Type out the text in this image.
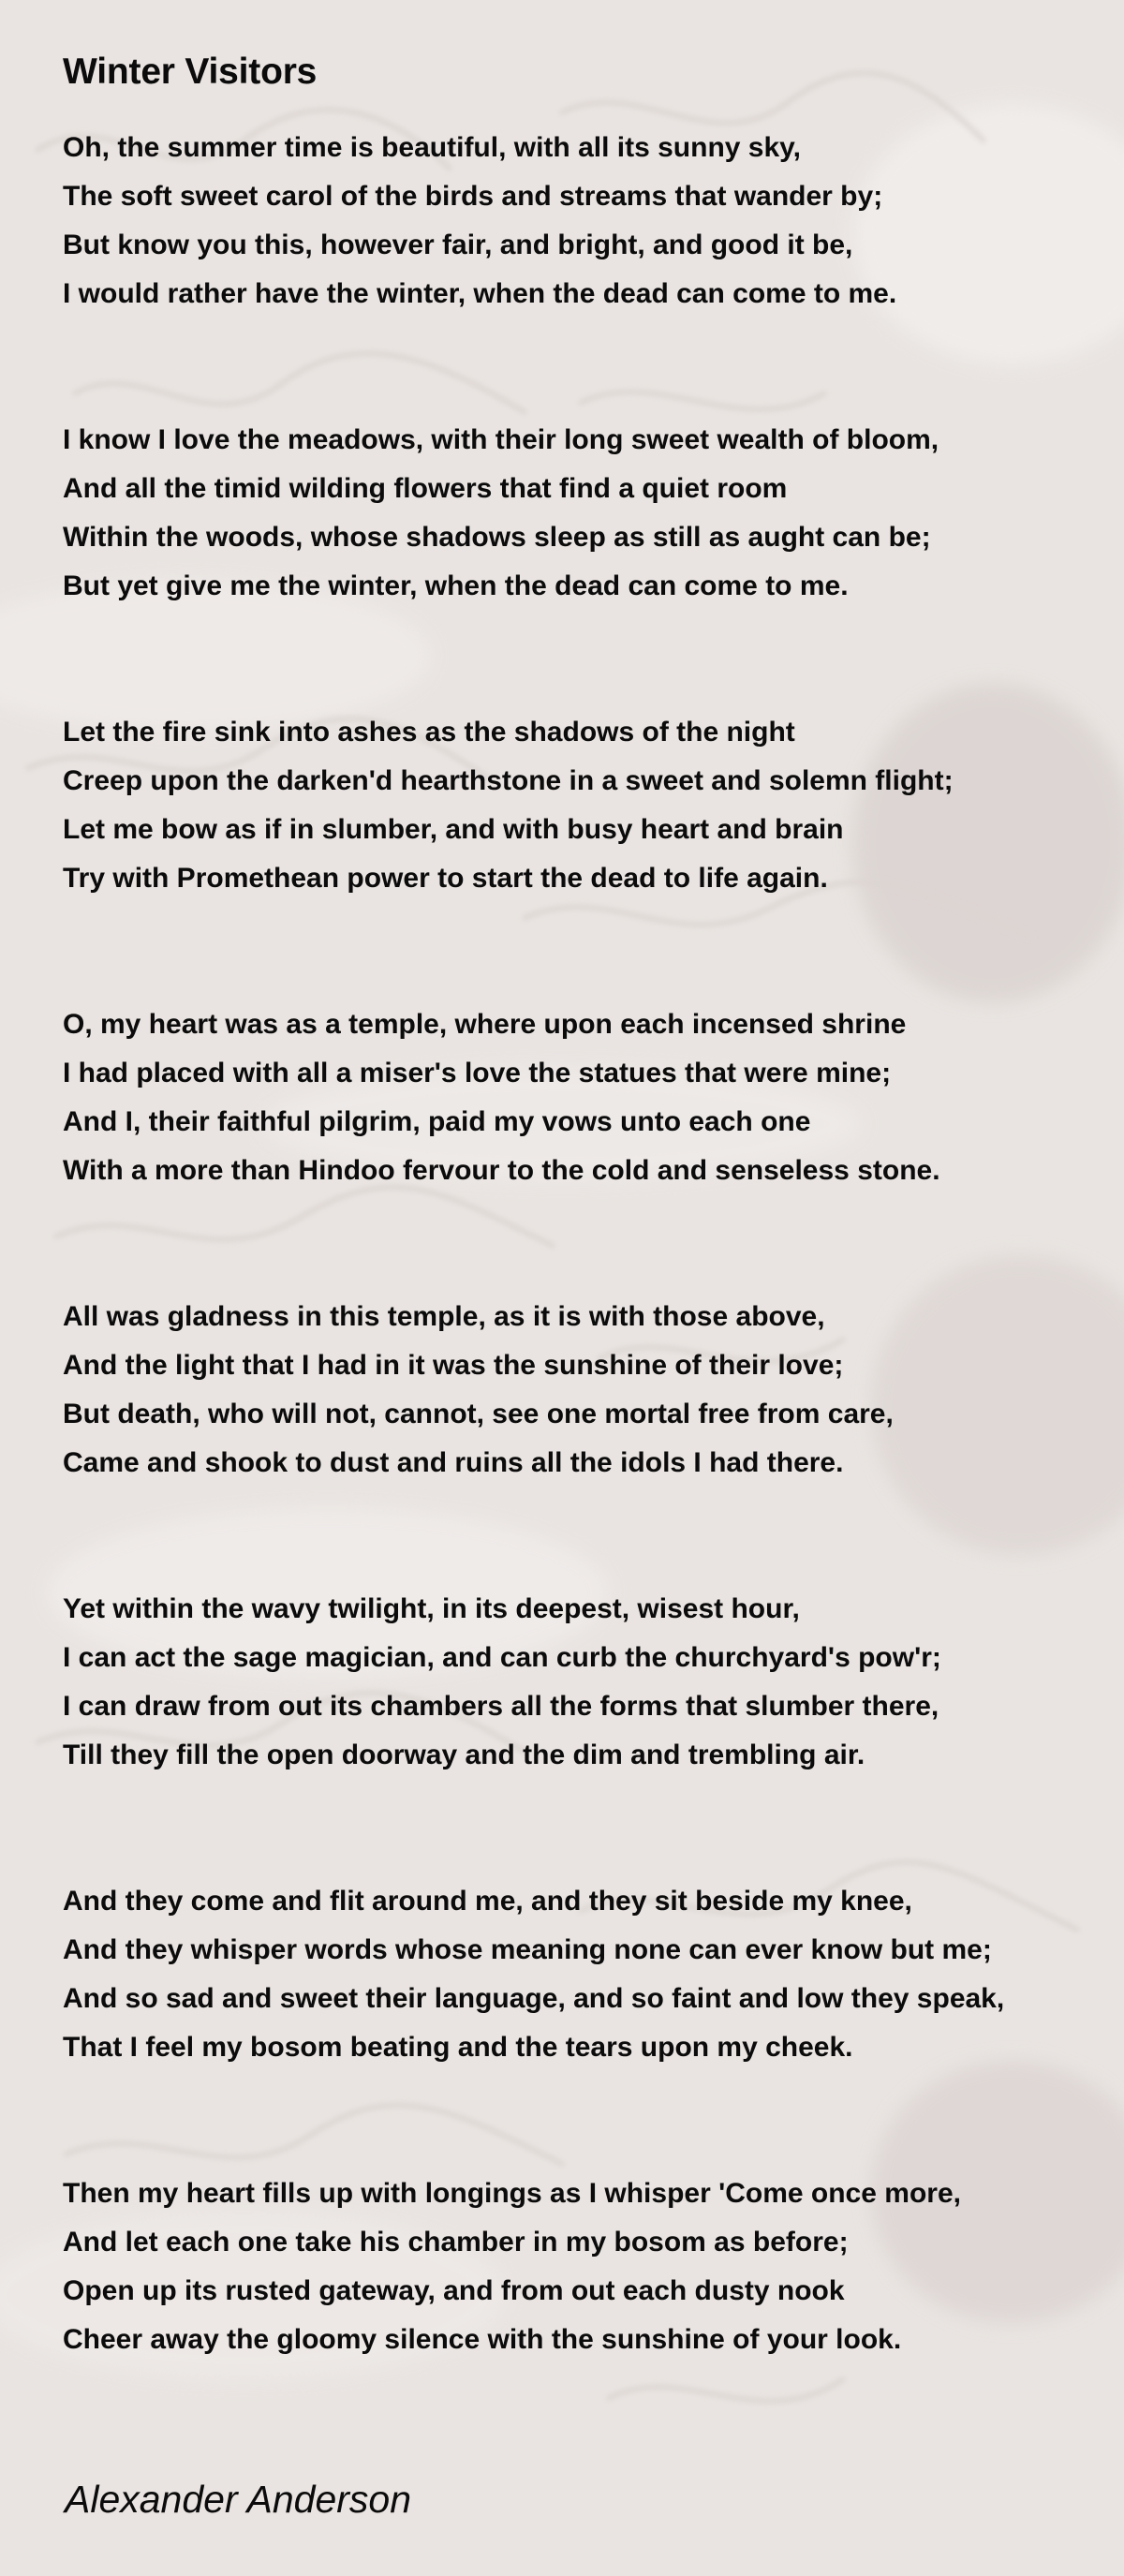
Winter Visitors

Oh, the summer time is beautiful, with all its sunny sky,
The soft sweet carol of the birds and streams that wander by;
But know you this, however fair, and bright, and good it be,
I would rather have the winter, when the dead can come to me.

I know I love the meadows, with their long sweet wealth of bloom,
And all the timid wilding flowers that find a quiet room
Within the woods, whose shadows sleep as still as aught can be;
But yet give me the winter, when the dead can come to me.

Let the fire sink into ashes as the shadows of the night
Creep upon the darken'd hearthstone in a sweet and solemn flight;
Let me bow as if in slumber, and with busy heart and brain
Try with Promethean power to start the dead to life again.

O, my heart was as a temple, where upon each incensed shrine
I had placed with all a miser's love the statues that were mine;
And I, their faithful pilgrim, paid my vows unto each one
With a more than Hindoo fervour to the cold and senseless stone.

All was gladness in this temple, as it is with those above,
And the light that I had in it was the sunshine of their love;
But death, who will not, cannot, see one mortal free from care,
Came and shook to dust and ruins all the idols I had there.

Yet within the wavy twilight, in its deepest, wisest hour,
I can act the sage magician, and can curb the churchyard's pow'r;
I can draw from out its chambers all the forms that slumber there,
Till they fill the open doorway and the dim and trembling air.

And they come and flit around me, and they sit beside my knee,
And they whisper words whose meaning none can ever know but me;
And so sad and sweet their language, and so faint and low they speak,
That I feel my bosom beating and the tears upon my cheek.

Then my heart fills up with longings as I whisper 'Come once more,
And let each one take his chamber in my bosom as before;
Open up its rusted gateway, and from out each dusty nook
Cheer away the gloomy silence with the sunshine of your look.

Alexander Anderson
